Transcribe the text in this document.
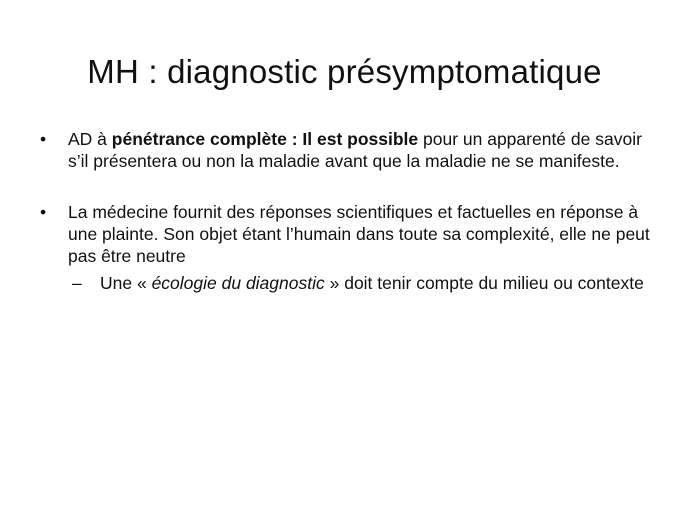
MH : diagnostic présymptomatique
•	AD à pénétrance complète : Il est possible pour un apparenté de savoir s’il présentera ou non la maladie avant que la maladie ne se manifeste.
•	La médecine fournit des réponses scientifiques et factuelles en réponse à une plainte. Son objet étant l’humain dans toute sa complexité, elle ne peut pas être neutre
– Une « écologie du diagnostic » doit tenir compte du milieu ou contexte
